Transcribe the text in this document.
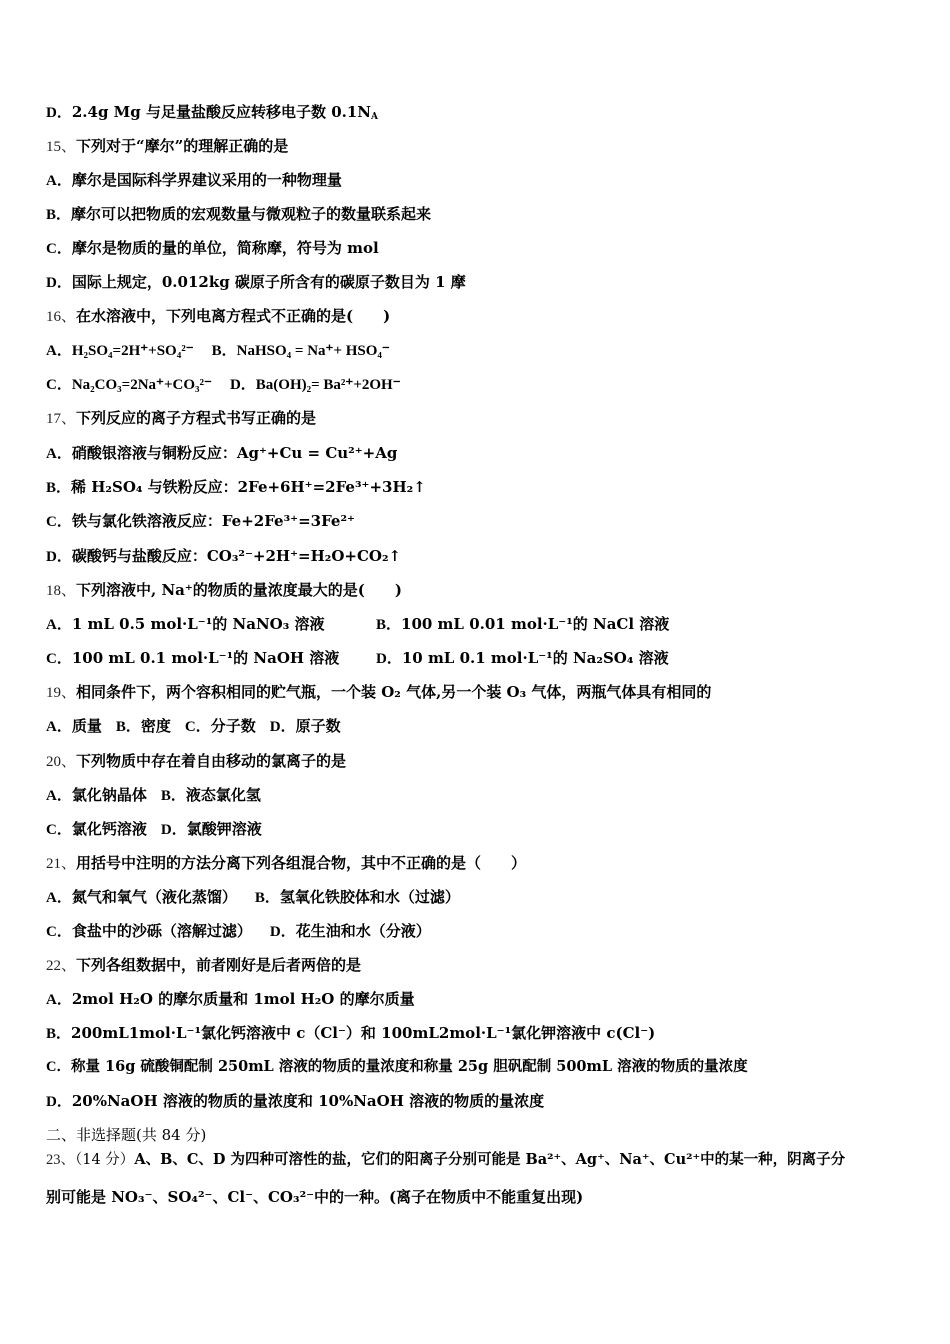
D．2.4g Mg 与足量盐酸反应转移电子数 $0.1N_A$
15、下列对于“摩尔”的理解正确的是
A．摩尔是国际科学界建议采用的一种物理量
B．摩尔可以把物质的宏观数量与微观粒子的数量联系起来
C．摩尔是物质的量的单位，简称摩，符号为 mol
D．国际上规定，0.012kg 碳原子所含有的碳原子数目为 1 摩
16、在水溶液中，下列电离方程式不正确的是(　　)
A．H₂SO₄=2H⁺+SO₄²⁻ B．NaHSO₄ = Na⁺+ HSO₄⁻
C．Na₂CO₃=2Na⁺+CO₃²⁻ D．Ba(OH)₂= Ba²⁺+2OH⁻
17、下列反应的离子方程式书写正确的是
A．硝酸银溶液与铜粉反应：Ag⁺+Cu = Cu²⁺+Ag
B．稀 H₂SO₄ 与铁粉反应：2Fe+6H⁺=2Fe³⁺+3H₂↑
C．铁与氯化铁溶液反应：Fe+2Fe³⁺=3Fe²⁺
D．碳酸钙与盐酸反应：CO₃²⁻+2H⁺=H₂O+CO₂↑
18、下列溶液中, Na⁺的物质的量浓度最大的是(　　)
A．1 mL 0.5 mol·L⁻¹的 NaNO₃ 溶液	B．100 mL 0.01 mol·L⁻¹的 NaCl 溶液
C．100 mL 0.1 mol·L⁻¹的 NaOH 溶液 D．10 mL 0.1 mol·L⁻¹的 Na₂SO₄ 溶液
19、相同条件下，两个容积相同的贮气瓶，一个装 O₂ 气体,另一个装 O₃ 气体，两瓶气体具有相同的
A．质量 B．密度 C．分子数 D．原子数
20、下列物质中存在着自由移动的氯离子的是
A．氯化钠晶体 B．液态氯化氢
C．氯化钙溶液 D．氯酸钾溶液
21、用括号中注明的方法分离下列各组混合物，其中不正确的是（　　）
A．氮气和氧气（液化蒸馏） B．氢氧化铁胶体和水（过滤）
C．食盐中的沙砾（溶解过滤） D．花生油和水（分液）
22、下列各组数据中，前者刚好是后者两倍的是
A．2mol H₂O 的摩尔质量和 1mol H₂O 的摩尔质量
B．200mL1mol·L⁻¹氯化钙溶液中 c（Cl⁻）和 100mL2mol·L⁻¹氯化钾溶液中 c(Cl⁻)
C．称量 16g 硫酸铜配制 250mL 溶液的物质的量浓度和称量 25g 胆矾配制 500mL 溶液的物质的量浓度
D．20%NaOH 溶液的物质的量浓度和 10%NaOH 溶液的物质的量浓度
二、非选择题(共 84 分)
23、（14 分）A、B、C、D 为四种可溶性的盐，它们的阳离子分别可能是 Ba²⁺、Ag⁺、Na⁺、Cu²⁺中的某一种，阴离子分
别可能是 NO₃⁻、SO₄²⁻、Cl⁻、CO₃²⁻中的一种。(离子在物质中不能重复出现)
